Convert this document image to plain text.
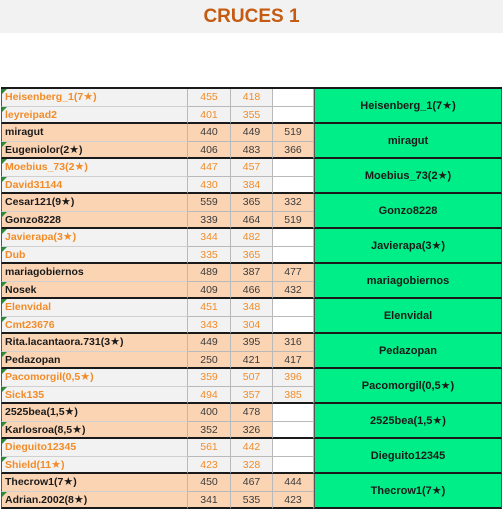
CRUCES 1
Heisenberg_1(7★)	455	418
leyreipad2	401	355
Heisenberg_1(7 ★ )
miragut	440	449	519
Eugeniolor(2★)	406	483	366
miragut
Moebius_73(2★)	447	457
David31144	430	384
Moebius_73(2 ★ )
Cesar121(9★)	559	365	332
Gonzo8228	339	464	519
Gonzo8228
Javierapa(3★)	344	482
Dub	335	365
Javierapa(3 ★ )
mariagobiernos	489	387	477
Nosek	409	466	432
mariagobiernos
Elenvidal	451	348
Cmt23676	343	304
Elenvidal
Rita.lacantaora.731(3★)	449	395	316
Pedazopan	250	421	417
Pedazopan
Pacomorgil(0,5★)	359	507	396
Sick135	494	357	385
Pacomorgil(0,5 ★ )
2525bea(1,5★)	400	478
Karlosroa(8,5★)	352	326
2525bea(1,5 ★ )
Dieguito12345	561	442
Shield(11★)	423	328
Dieguito12345
Thecrow1(7★)	450	467	444
Adrian.2002(8★)	341	535	423
Thecrow1(7 ★ )
